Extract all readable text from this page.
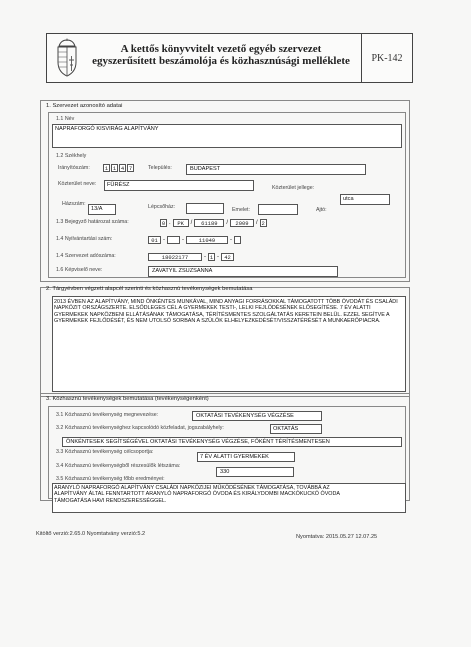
A kettős könyvvitelt vezető egyéb szervezet
egyszerűsített beszámolója és közhasznúsági melléklete	PK-142
1. Szervezet azonosító adatai
1.1 Név
NAPRAFORGÓ KISVIRÁG ALAPÍTVÁNY
1.2 Székhely
Irányítószám:	1 1 4 7	Település:	BUDAPEST
Közterület neve: FÜRÉSZ	Közterület jellege:
utca
Házszám:
13/A	Lépcsőház:	Emelet:	Ajtó:
1.3 Bejegyző határozat száma:	0 .	PK	/	61189	/	2009	/ 2
1.4 Nyilvántartási szám:	01 -	-	11049	-
1.4 Szervezet adószáma:	18022177	- 1 - 42
1.6 Képviselő neve:	ZAVATYIL ZSUZSANNA
2. Tárgyévben végzett alapcél szerinti és közhasznú tevékenységek bemutatása
2013 ÉVBEN AZ ALAPÍTVÁNY, MIND ÖNKÉNTES MUNKÁVAL, MIND ANYAGI FORRÁSOKKAL TÁMOGATOTT TÖBB ÓVODÁT ÉS CSALÁDI NAPKÖZIT ORSZÁGSZERTE. ELSŐDLEGES CÉL A GYERMEKEK TESTI-, LELKI FEJLŐDÉSÉNEK ELŐSEGÍTÉSE. 7 ÉV ALATTI GYERMEKEK NAPKÖZBENI ELLÁTÁSÁNAK TÁMOGATÁSA, TÉRÍTÉSMENTES SZOLGÁLTATÁS KERETEIN BELÜL. EZZEL SEGÍTVE A GYERMEKEK FEJLŐDÉSÉT, ÉS NEM UTOLSÓ SORBAN A SZÜLŐK ELHELYEZKEDÉSÉT/VISSZATÉRÉSÉT A MUNKAERŐPIACRA.
3. Közhasznú tevékenységek bemutatása (tevékenységenként)
3.1 Közhasznú tevékenység megnevezése:	OKTATÁSI TEVÉKENYSÉG VÉGZÉSE
3.2 Közhasznú tevékenységhez kapcsolódó közfeladat, jogszabályhely:	OKTATÁS
ÖNKÉNTESEK SEGÍTSÉGÉVEL OKTATÁSI TEVÉKENYSÉG VÉGZÉSE, FŐKÉNT TÉRÍTÉSMENTESEN
3.3 Közhasznú tevékenység célcsoportja:
7 ÉV ALATTI GYERMEKEK
3.4 Közhasznú tevékenységből részesülők létszáma:
330
3.5 Közhasznú tevékenység főbb eredményei:
ARANYLÓ NAPRAFORGÓ ALAPÍTVÁNY CSALÁDI NAPKÖZIJEI MŰKÖDÉSÉNEK TÁMOGATÁSA, TOVÁBBÁ AZ ALAPÍTVÁNY ÁLTAL FENNTARTOTT ARANYLÓ NAPRAFORGÓ ÓVODA ÉS KIRÁLYDOMBI MACKÓKUCKÓ ÓVODA TÁMOGATÁSA HAVI RENDSZERESSÉGGEL.
Kitöltő verzió:2.65.0 Nyomtatvány verzió:5.2	Nyomtatva: 2015.05.27 12.07.25
